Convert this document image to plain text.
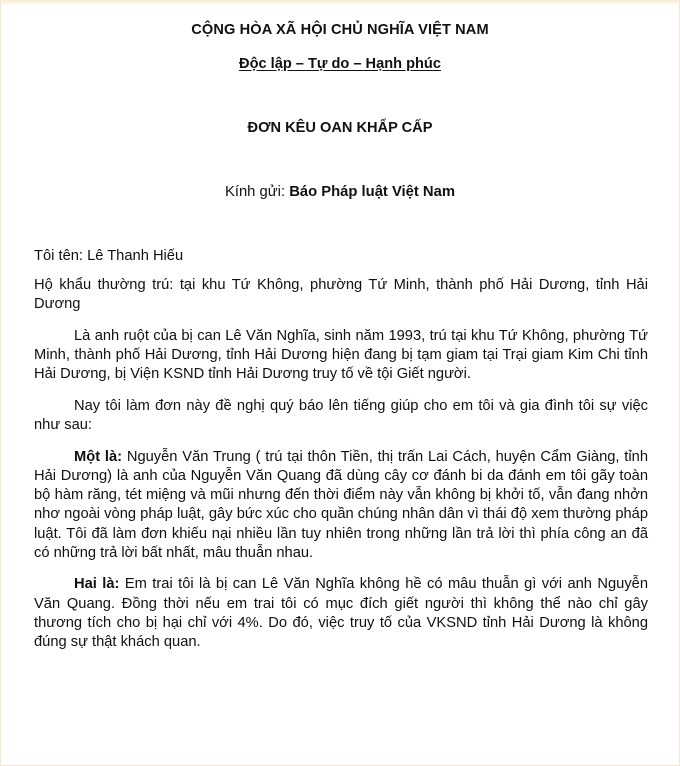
CỘNG HÒA XÃ HỘI CHỦ NGHĨA VIỆT NAM
Độc lập – Tự do – Hạnh phúc
ĐƠN KÊU OAN KHẨP CẤP
Kính gửi: Báo Pháp luật Việt Nam

Tôi tên: Lê Thanh Hiếu

Hộ khẩu thường trú: tại khu Tứ Không, phường Tứ Minh, thành phố Hải Dương, tỉnh Hải Dương

Là anh ruột của bị can Lê Văn Nghĩa, sinh năm 1993, trú tại khu Tứ Không, phường Tứ Minh, thành phố Hải Dương, tỉnh Hải Dương hiện đang bị tạm giam tại Trại giam Kim Chi tỉnh Hải Dương, bị Viện KSND tỉnh Hải Dương truy tố về tội Giết người.

Nay tôi làm đơn này đề nghị quý báo lên tiếng giúp cho em tôi và gia đình tôi sự việc như sau:

Một là: Nguyễn Văn Trung ( trú tại thôn Tiền, thị trấn Lai Cách, huyện Cẩm Giàng, tỉnh Hải Dương) là anh của Nguyễn Văn Quang đã dùng cây cơ đánh bi da đánh em tôi gãy toàn bộ hàm răng, tét miệng và mũi nhưng đến thời điểm này vẫn không bị khởi tố, vẫn đang nhởn nhơ ngoài vòng pháp luật, gây bức xúc cho quần chúng nhân dân vì thái độ xem thường pháp luật. Tôi đã làm đơn khiếu nại nhiều lần tuy nhiên trong những lần trả lời thì phía công an đã có những trả lời bất nhất, mâu thuẫn nhau.

Hai là: Em trai tôi là bị can Lê Văn Nghĩa không hề có mâu thuẫn gì với anh Nguyễn Văn Quang. Đồng thời nếu em trai tôi có mục đích giết người thì không thể nào chỉ gây thương tích cho bị hại chỉ với 4%. Do đó, việc truy tố của VKSND tỉnh Hải Dương là không đúng sự thật khách quan.
